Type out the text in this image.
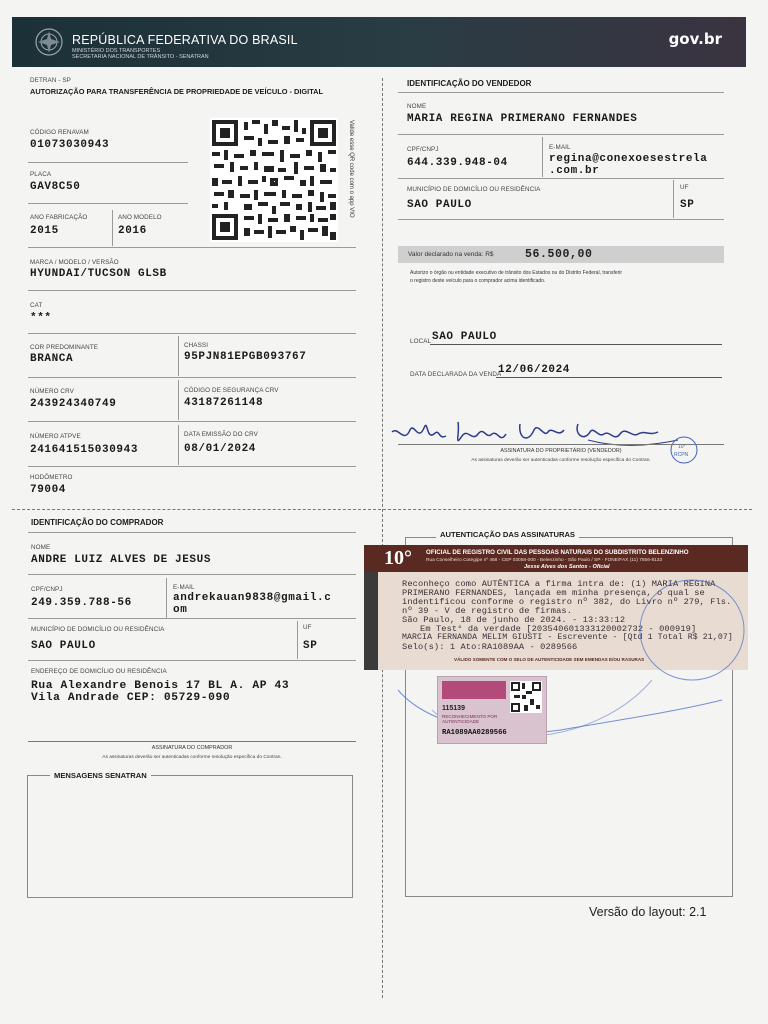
REPÚBLICA FEDERATIVA DO BRASIL
MINISTÉRIO DOS TRANSPORTES
SECRETARIA NACIONAL DE TRÂNSITO - SENATRAN
gov.br
DETRAN - SP
AUTORIZAÇÃO PARA TRANSFERÊNCIA DE PROPRIEDADE DE VEÍCULO - DIGITAL
CÓDIGO RENAVAM
01073030943
PLACA
GAV8C50
ANO FABRICAÇÃO
2015
ANO MODELO
2016
Valide esse QR code com o app VIO
MARCA / MODELO / VERSÃO
HYUNDAI/TUCSON GLSB
CAT
***
COR PREDOMINANTE
BRANCA
CHASSI
95PJN81EPGB093767
NÚMERO CRV
243924340749
CÓDIGO DE SEGURANÇA CRV
43187261148
NÚMERO ATPVE
241641515030943
DATA EMISSÃO DO CRV
08/01/2024
HODÔMETRO
79004
IDENTIFICAÇÃO DO VENDEDOR
NOME
MARIA REGINA PRIMERANO FERNANDES
CPF/CNPJ
644.339.948-04
E-MAIL
regina@conexoesestrela
.com.br
MUNICÍPIO DE DOMICÍLIO OU RESIDÊNCIA
SAO PAULO
UF
SP
Valor declarado na venda: R$	56.500,00
Autorizo o órgão ou entidade executivo de trânsito dos Estados ou do Distrito Federal, transferir
o registro deste veículo para o comprador acima identificado.
LOCAL SAO PAULO
DATA DECLARADA DA VENDA
12/06/2024
10°
RCPN
ASSINATURA DO PROPRIETÁRIO (VENDEDOR)
As assinaturas deverão ser autenticadas conforme resolução específica do Contran.
IDENTIFICAÇÃO DO COMPRADOR
NOME
ANDRE LUIZ ALVES DE JESUS
CPF/CNPJ
249.359.788-56
E-MAIL
andrekauan9838@gmail.c
om
MUNICÍPIO DE DOMICÍLIO OU RESIDÊNCIA
SAO PAULO
UF
SP
ENDEREÇO DE DOMICÍLIO OU RESIDÊNCIA
Rua Alexandre Benois 17 BL A. AP 43
Vila Andrade CEP: 05729-090
ASSINATURA DO COMPRADOR
As assinaturas deverão ser autenticadas conforme resolução específica do Contran.
MENSAGENS SENATRAN
AUTENTICAÇÃO DAS ASSINATURAS
10° OFICIAL DE REGISTRO CIVIL DAS PESSOAS NATURAIS DO SUBDISTRITO BELENZINHO
Rua Conselheiro Cotegipe nº 468 - CEP 03058-000 - Belenzinho - São Paulo / SP - FONE/FAX (11) 7556-8133
Jesse Alves dos Santos - Oficial
Reconheço como AUTÊNTICA a firma intra de: (1) MARIA REGINA
PRIMERANO FERNANDES, lançada em minha presença, o qual se
indentificou conforme o registro nº 382, do Livro nº 279, Fls.
nº 39 - V de registro de firmas.
São Paulo, 18 de junho de 2024. - 13:33:12
Em Test° da verdade [203540601333120002732 - 000919]
MARCIA FERNANDA MELIM GIUSTI - Escrevente - [Qtd 1 Total R$ 21,07]
Selo(s): 1 Ato:RA1089AA - 0289566
VÁLIDO SOMENTE COM O SELO DE AUTENTICIDADE SEM EMENDAS E/OU RASURAS
115139
RECONHECIMENTO POR AUTENTICIDADE
RA1089AA0289566
Versão do layout: 2.1
